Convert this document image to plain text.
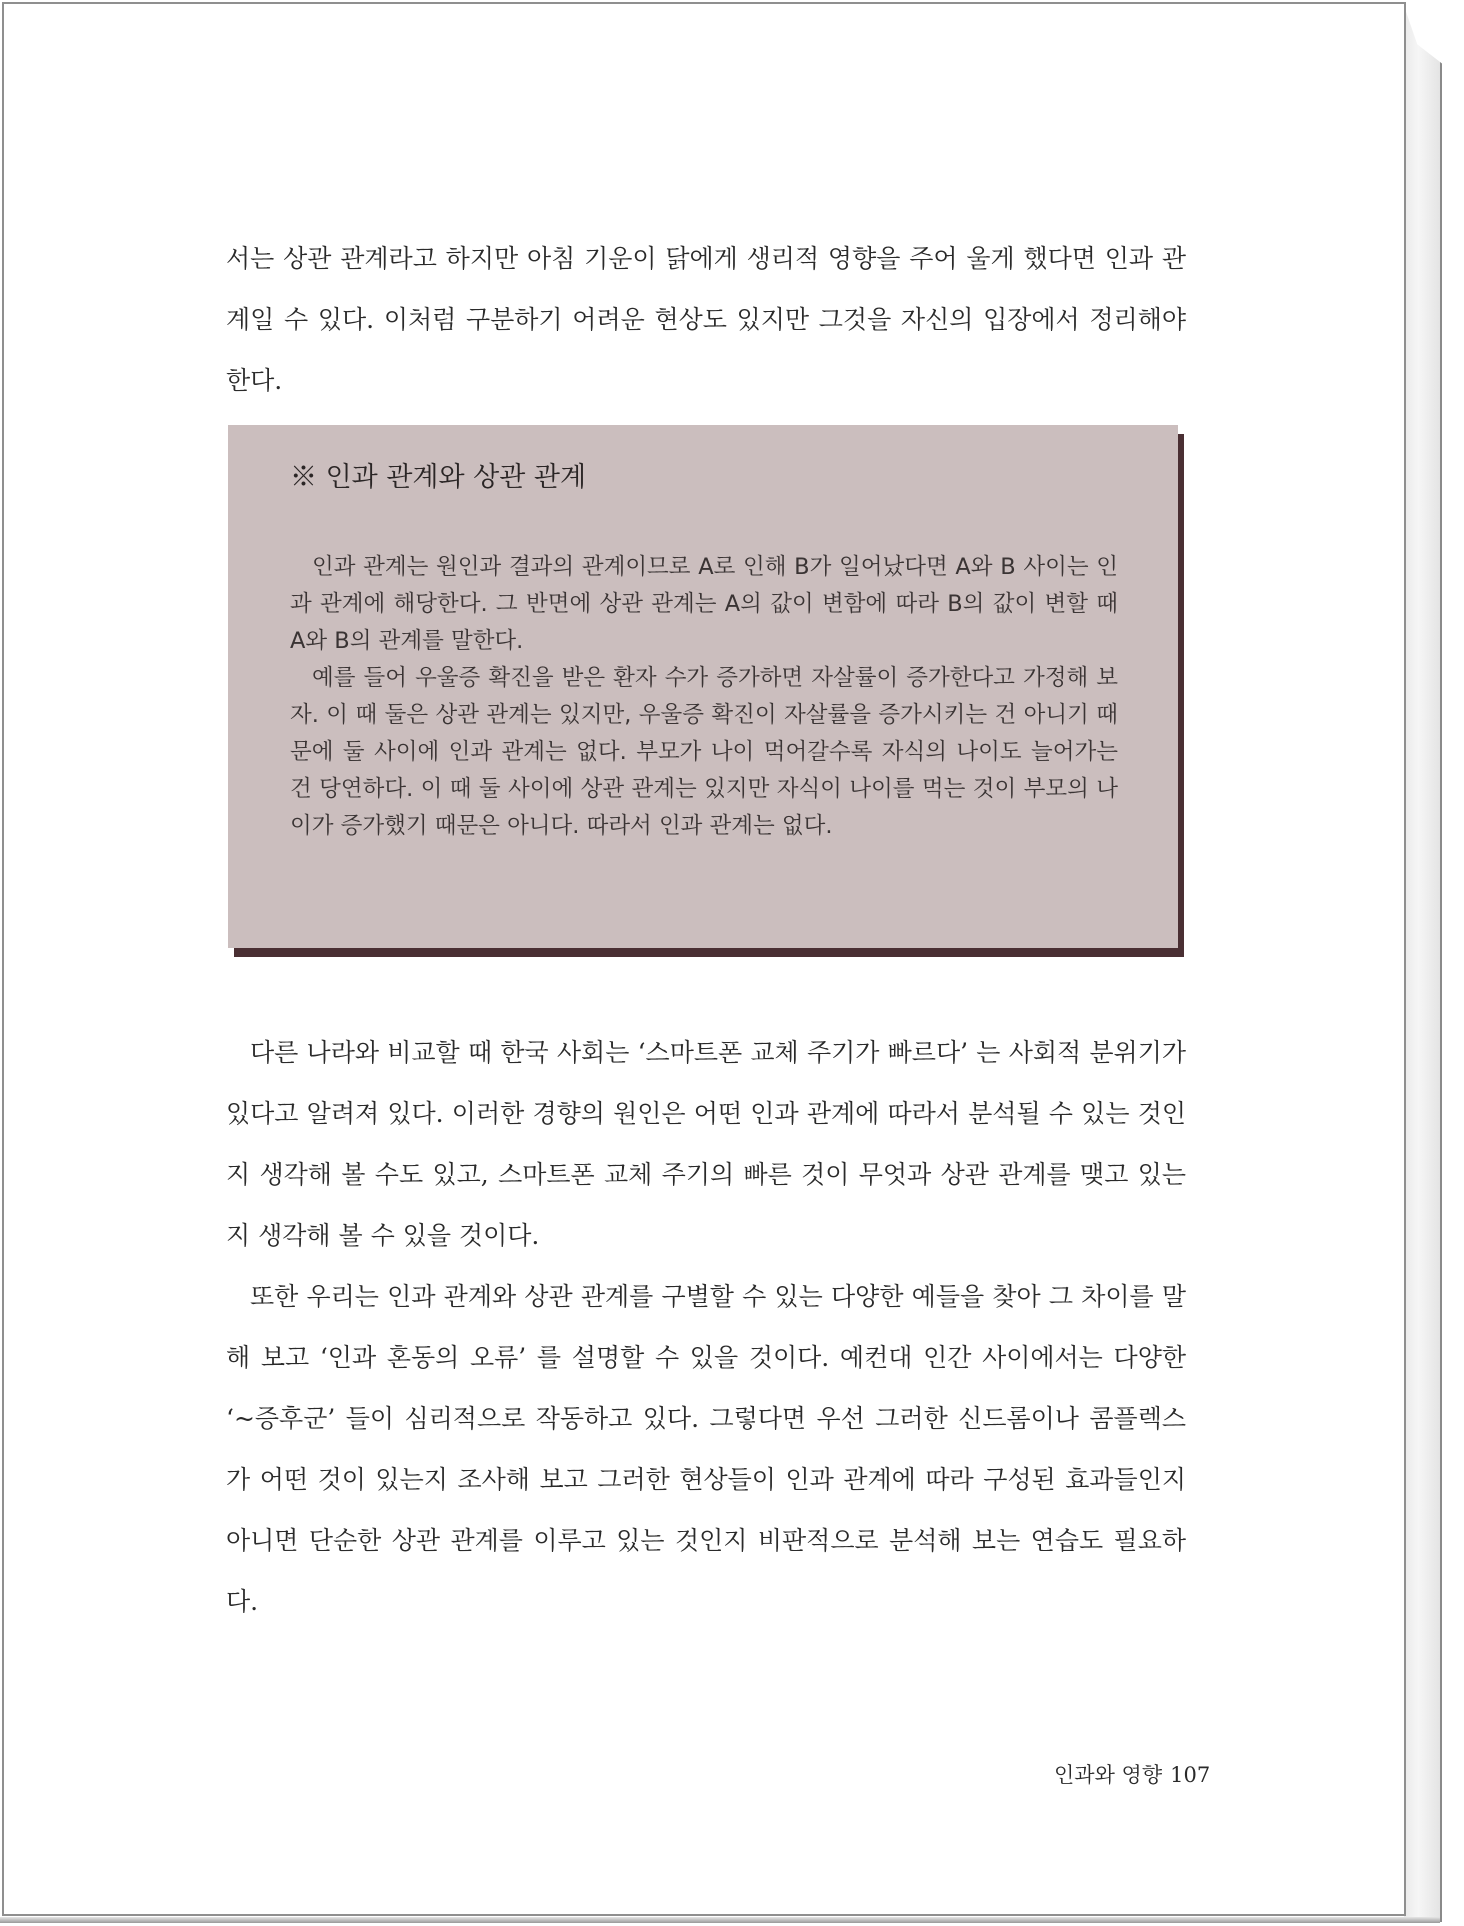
서는 상관 관계라고 하지만 아침 기운이 닭에게 생리적 영향을 주어 울게 했다면 인과 관계일 수 있다. 이처럼 구분하기 어려운 현상도 있지만 그것을 자신의 입장에서 정리해야 한다.

※ 인과 관계와 상관 관계

인과 관계는 원인과 결과의 관계이므로 A로 인해 B가 일어났다면 A와 B 사이는 인과 관계에 해당한다. 그 반면에 상관 관계는 A의 값이 변함에 따라 B의 값이 변할 때 A와 B의 관계를 말한다.

예를 들어 우울증 확진을 받은 환자 수가 증가하면 자살률이 증가한다고 가정해 보자. 이 때 둘은 상관 관계는 있지만, 우울증 확진이 자살률을 증가시키는 건 아니기 때문에 둘 사이에 인과 관계는 없다. 부모가 나이 먹어갈수록 자식의 나이도 늘어가는 건 당연하다. 이 때 둘 사이에 상관 관계는 있지만 자식이 나이를 먹는 것이 부모의 나이가 증가했기 때문은 아니다. 따라서 인과 관계는 없다.

다른 나라와 비교할 때 한국 사회는 ‘스마트폰 교체 주기가 빠르다’ 는 사회적 분위기가 있다고 알려져 있다. 이러한 경향의 원인은 어떤 인과 관계에 따라서 분석될 수 있는 것인지 생각해 볼 수도 있고, 스마트폰 교체 주기의 빠른 것이 무엇과 상관 관계를 맺고 있는지 생각해 볼 수 있을 것이다.

또한 우리는 인과 관계와 상관 관계를 구별할 수 있는 다양한 예들을 찾아 그 차이를 말해 보고 ‘인과 혼동의 오류’ 를 설명할 수 있을 것이다. 예컨대 인간 사이에서는 다양한 ‘~증후군’ 들이 심리적으로 작동하고 있다. 그렇다면 우선 그러한 신드롬이나 콤플렉스가 어떤 것이 있는지 조사해 보고 그러한 현상들이 인과 관계에 따라 구성된 효과들인지 아니면 단순한 상관 관계를 이루고 있는 것인지 비판적으로 분석해 보는 연습도 필요하다.

인과와 영향 107
